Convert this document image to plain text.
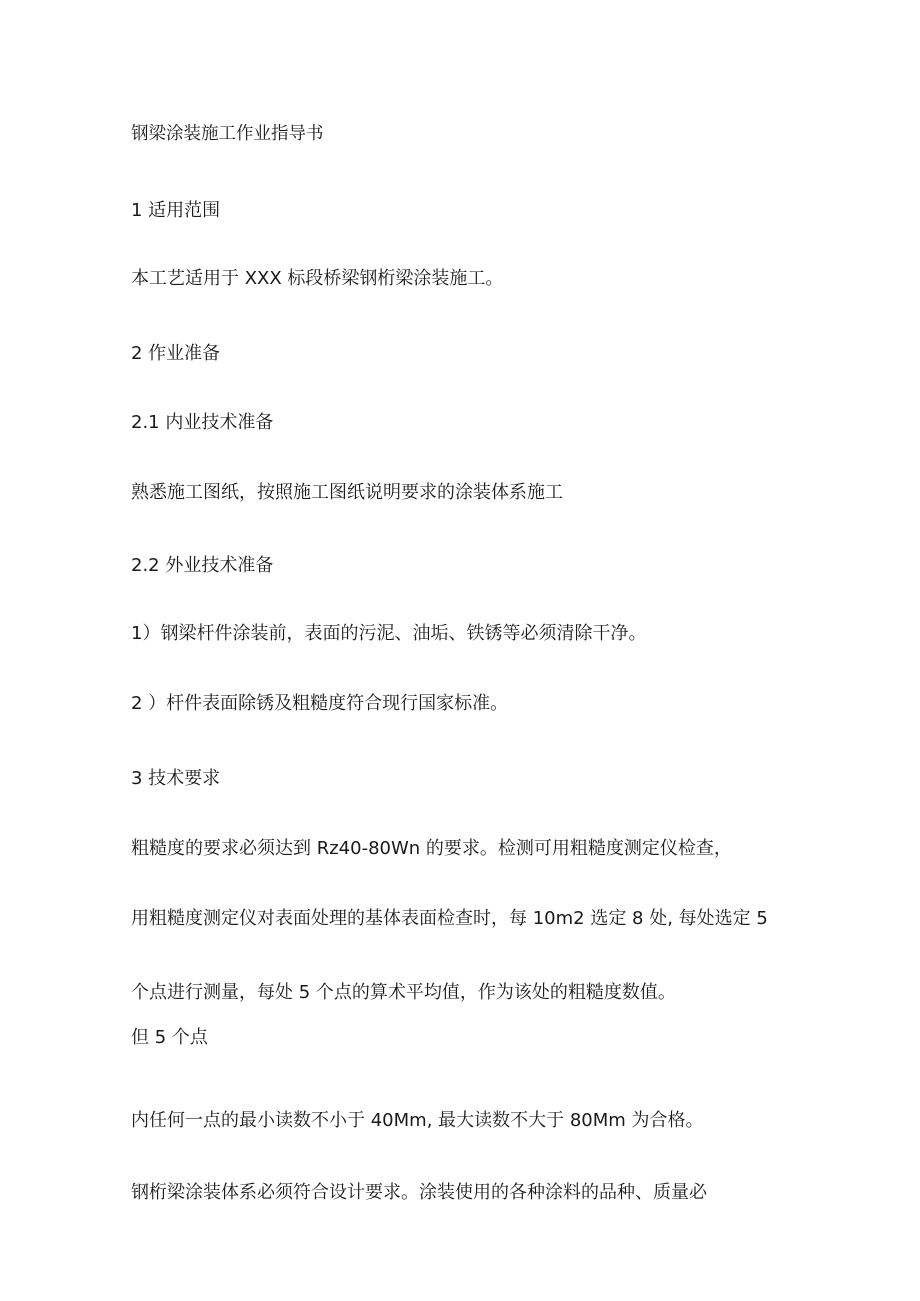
钢梁涂装施工作业指导书
1 适用范围
本工艺适用于 XXX 标段桥梁钢桁梁涂装施工。
2 作业准备
2.1 内业技术准备
熟悉施工图纸，按照施工图纸说明要求的涂装体系施工
2.2 外业技术准备
1）钢梁杆件涂装前，表面的污泥、油垢、铁锈等必须清除干净。
2 ）杆件表面除锈及粗糙度符合现行国家标准。
3 技术要求
粗糙度的要求必须达到 Rz40-80Wn 的要求。检测可用粗糙度测定仪检查，
用粗糙度测定仪对表面处理的基体表面检查时，每 10m2 选定 8 处, 每处选定 5
个点进行测量，每处 5 个点的算术平均值，作为该处的粗糙度数值。
但 5 个点
内任何一点的最小读数不小于 40Mm, 最大读数不大于 80Mm 为合格。
钢桁梁涂装体系必须符合设计要求。涂装使用的各种涂料的品种、质量必
